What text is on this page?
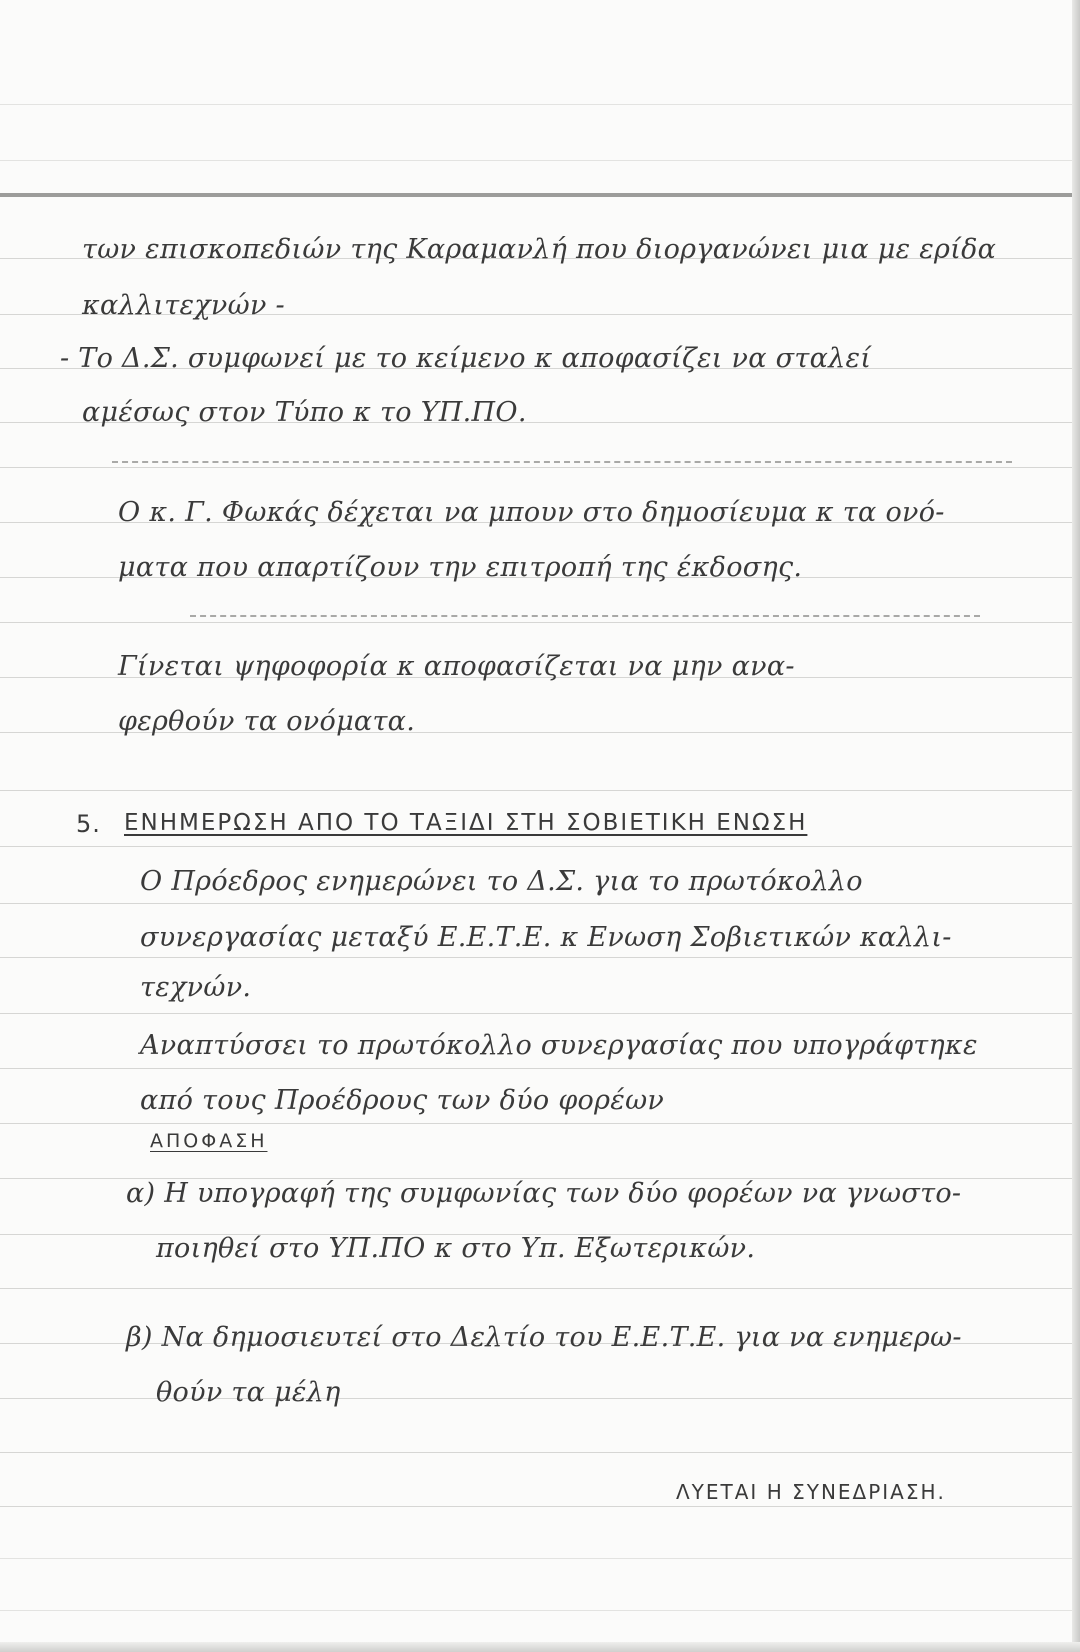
των επισκοπεδιών της Καραμανλή που διοργανώνει μια με ερίδα
καλλιτεχνών -
- Το Δ.Σ. συμφωνεί με το κείμενο κ αποφασίζει να σταλεί
αμέσως στον Τύπο κ το ΥΠ.ΠΟ.
Ο κ. Γ. Φωκάς δέχεται να μπουν στο δημοσίευμα κ τα ονό-
ματα που απαρτίζουν την επιτροπή της έκδοσης.
Γίνεται ψηφοφορία κ αποφασίζεται να μην ανα-
φερθούν τα ονόματα.
5. ΕΝΗΜΕΡΩΣΗ ΑΠΟ ΤΟ ΤΑΞΙΔΙ ΣΤΗ ΣΟΒΙΕΤΙΚΗ ΕΝΩΣΗ
Ο Πρόεδρος ενημερώνει το Δ.Σ. για το πρωτόκολλο
συνεργασίας μεταξύ Ε.Ε.Τ.Ε. κ Ενωση Σοβιετικών καλλι-
τεχνών.
Αναπτύσσει το πρωτόκολλο συνεργασίας που υπογράφτηκε
από τους Προέδρους των δύο φορέων
ΑΠΟΦΑΣΗ
α) Η υπογραφή της συμφωνίας των δύο φορέων να γνωστο-
ποιηθεί στο ΥΠ.ΠΟ κ στο Υπ. Εξωτερικών.
β) Να δημοσιευτεί στο Δελτίο του Ε.Ε.Τ.Ε. για να ενημερω-
θούν τα μέλη
ΛΥΕΤΑΙ Η ΣΥΝΕΔΡΙΑΣΗ.
